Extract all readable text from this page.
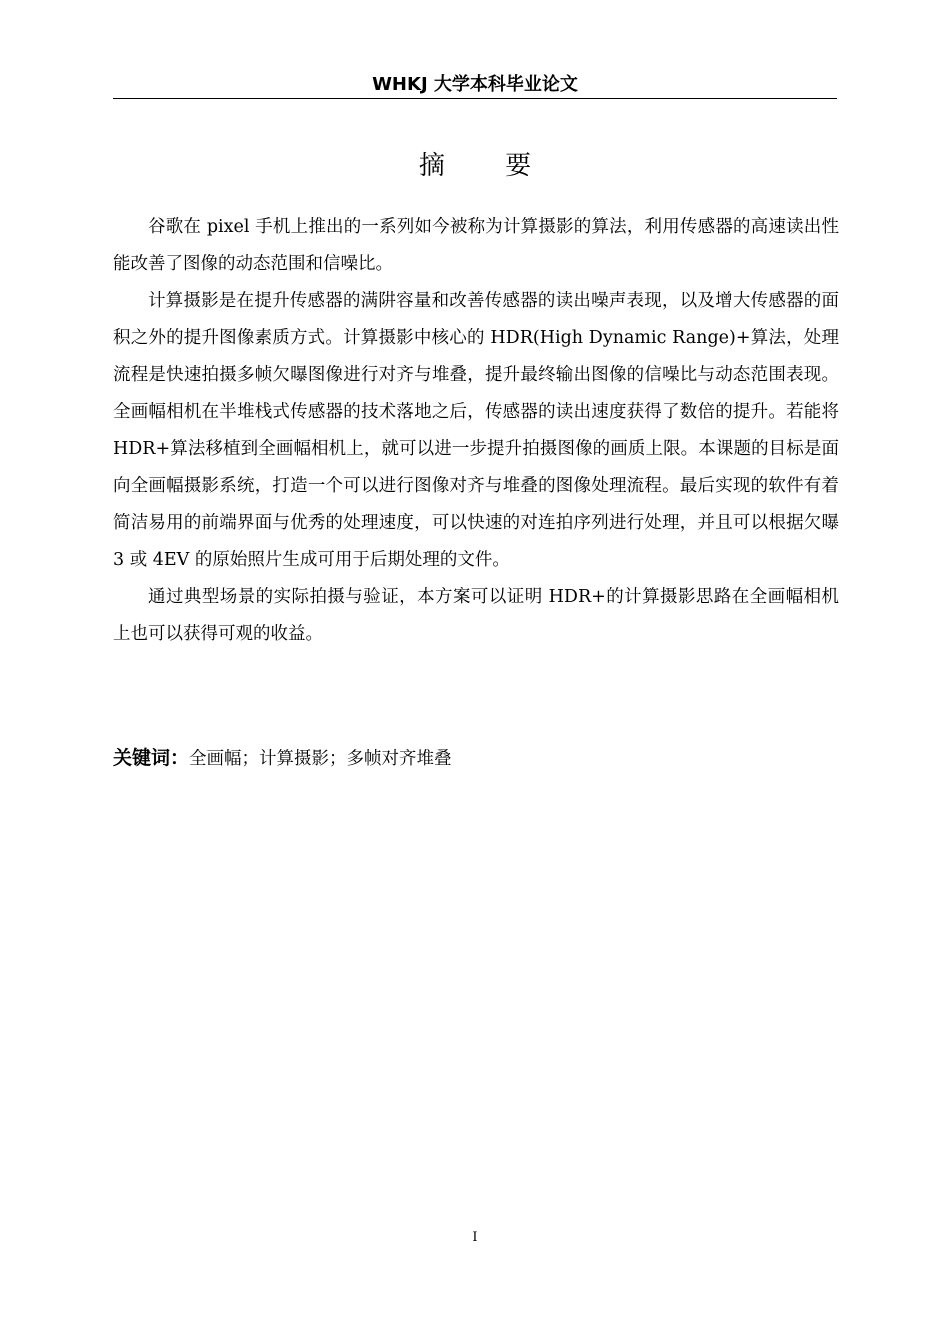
WHKJ 大学本科毕业论文
摘 要

谷歌在 pixel 手机上推出的一系列如今被称为计算摄影的算法，利用传感器的高速读出性能改善了图像的动态范围和信噪比。

计算摄影是在提升传感器的满阱容量和改善传感器的读出噪声表现，以及增大传感器的面积之外的提升图像素质方式。计算摄影中核心的 HDR(High Dynamic Range)+算法，处理流程是快速拍摄多帧欠曝图像进行对齐与堆叠，提升最终输出图像的信噪比与动态范围表现。全画幅相机在半堆栈式传感器的技术落地之后，传感器的读出速度获得了数倍的提升。若能将 HDR+算法移植到全画幅相机上，就可以进一步提升拍摄图像的画质上限。本课题的目标是面向全画幅摄影系统，打造一个可以进行图像对齐与堆叠的图像处理流程。最后实现的软件有着简洁易用的前端界面与优秀的处理速度，可以快速的对连拍序列进行处理，并且可以根据欠曝 3 或 4EV 的原始照片生成可用于后期处理的文件。

通过典型场景的实际拍摄与验证，本方案可以证明 HDR+的计算摄影思路在全画幅相机上也可以获得可观的收益。

关键词：全画幅；计算摄影；多帧对齐堆叠
I
